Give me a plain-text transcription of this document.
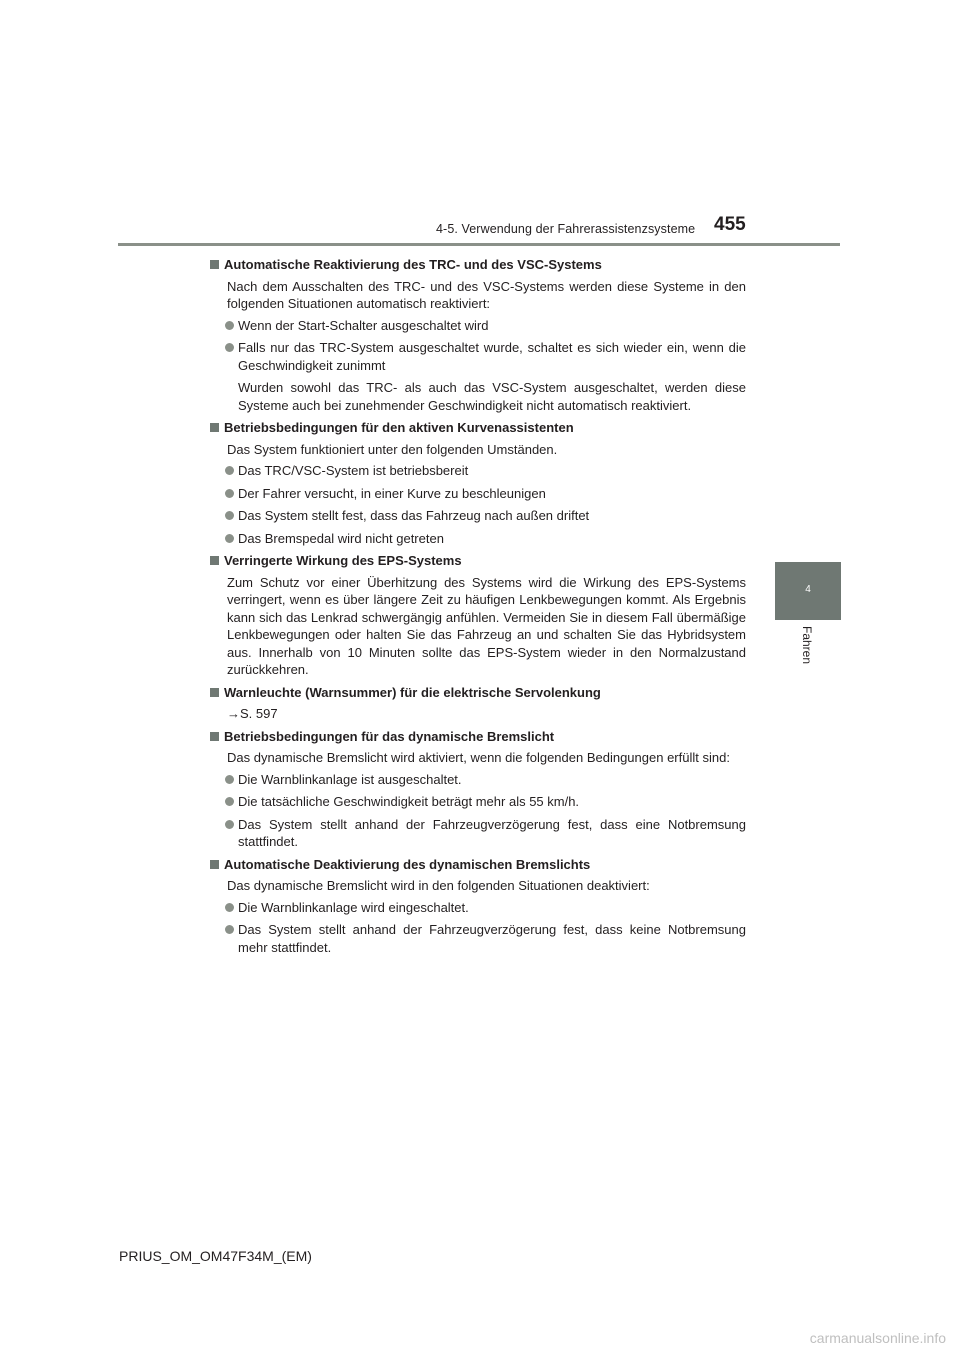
4-5. Verwendung der Fahrerassistenzsysteme 455
4
Fahren
Automatische Reaktivierung des TRC- und des VSC-Systems
Nach dem Ausschalten des TRC- und des VSC-Systems werden diese Systeme in den folgenden Situationen automatisch reaktiviert:
Wenn der Start-Schalter ausgeschaltet wird
Falls nur das TRC-System ausgeschaltet wurde, schaltet es sich wieder ein, wenn die Geschwindigkeit zunimmt
Wurden sowohl das TRC- als auch das VSC-System ausgeschaltet, werden diese Systeme auch bei zunehmender Geschwindigkeit nicht automatisch reaktiviert.
Betriebsbedingungen für den aktiven Kurvenassistenten
Das System funktioniert unter den folgenden Umständen.
Das TRC/VSC-System ist betriebsbereit
Der Fahrer versucht, in einer Kurve zu beschleunigen
Das System stellt fest, dass das Fahrzeug nach außen driftet
Das Bremspedal wird nicht getreten
Verringerte Wirkung des EPS-Systems
Zum Schutz vor einer Überhitzung des Systems wird die Wirkung des EPS-Systems verringert, wenn es über längere Zeit zu häufigen Lenkbewegungen kommt. Als Ergebnis kann sich das Lenkrad schwergängig anfühlen. Vermeiden Sie in diesem Fall übermäßige Lenkbewegungen oder halten Sie das Fahrzeug an und schalten Sie das Hybridsystem aus. Innerhalb von 10 Minuten sollte das EPS-System wieder in den Normalzustand zurückkehren.
Warnleuchte (Warnsummer) für die elektrische Servolenkung
→S. 597
Betriebsbedingungen für das dynamische Bremslicht
Das dynamische Bremslicht wird aktiviert, wenn die folgenden Bedingungen erfüllt sind:
Die Warnblinkanlage ist ausgeschaltet.
Die tatsächliche Geschwindigkeit beträgt mehr als 55 km/h.
Das System stellt anhand der Fahrzeugverzögerung fest, dass eine Notbremsung stattfindet.
Automatische Deaktivierung des dynamischen Bremslichts
Das dynamische Bremslicht wird in den folgenden Situationen deaktiviert:
Die Warnblinkanlage wird eingeschaltet.
Das System stellt anhand der Fahrzeugverzögerung fest, dass keine Notbremsung mehr stattfindet.
PRIUS_OM_OM47F34M_(EM)
carmanualsonline.info
